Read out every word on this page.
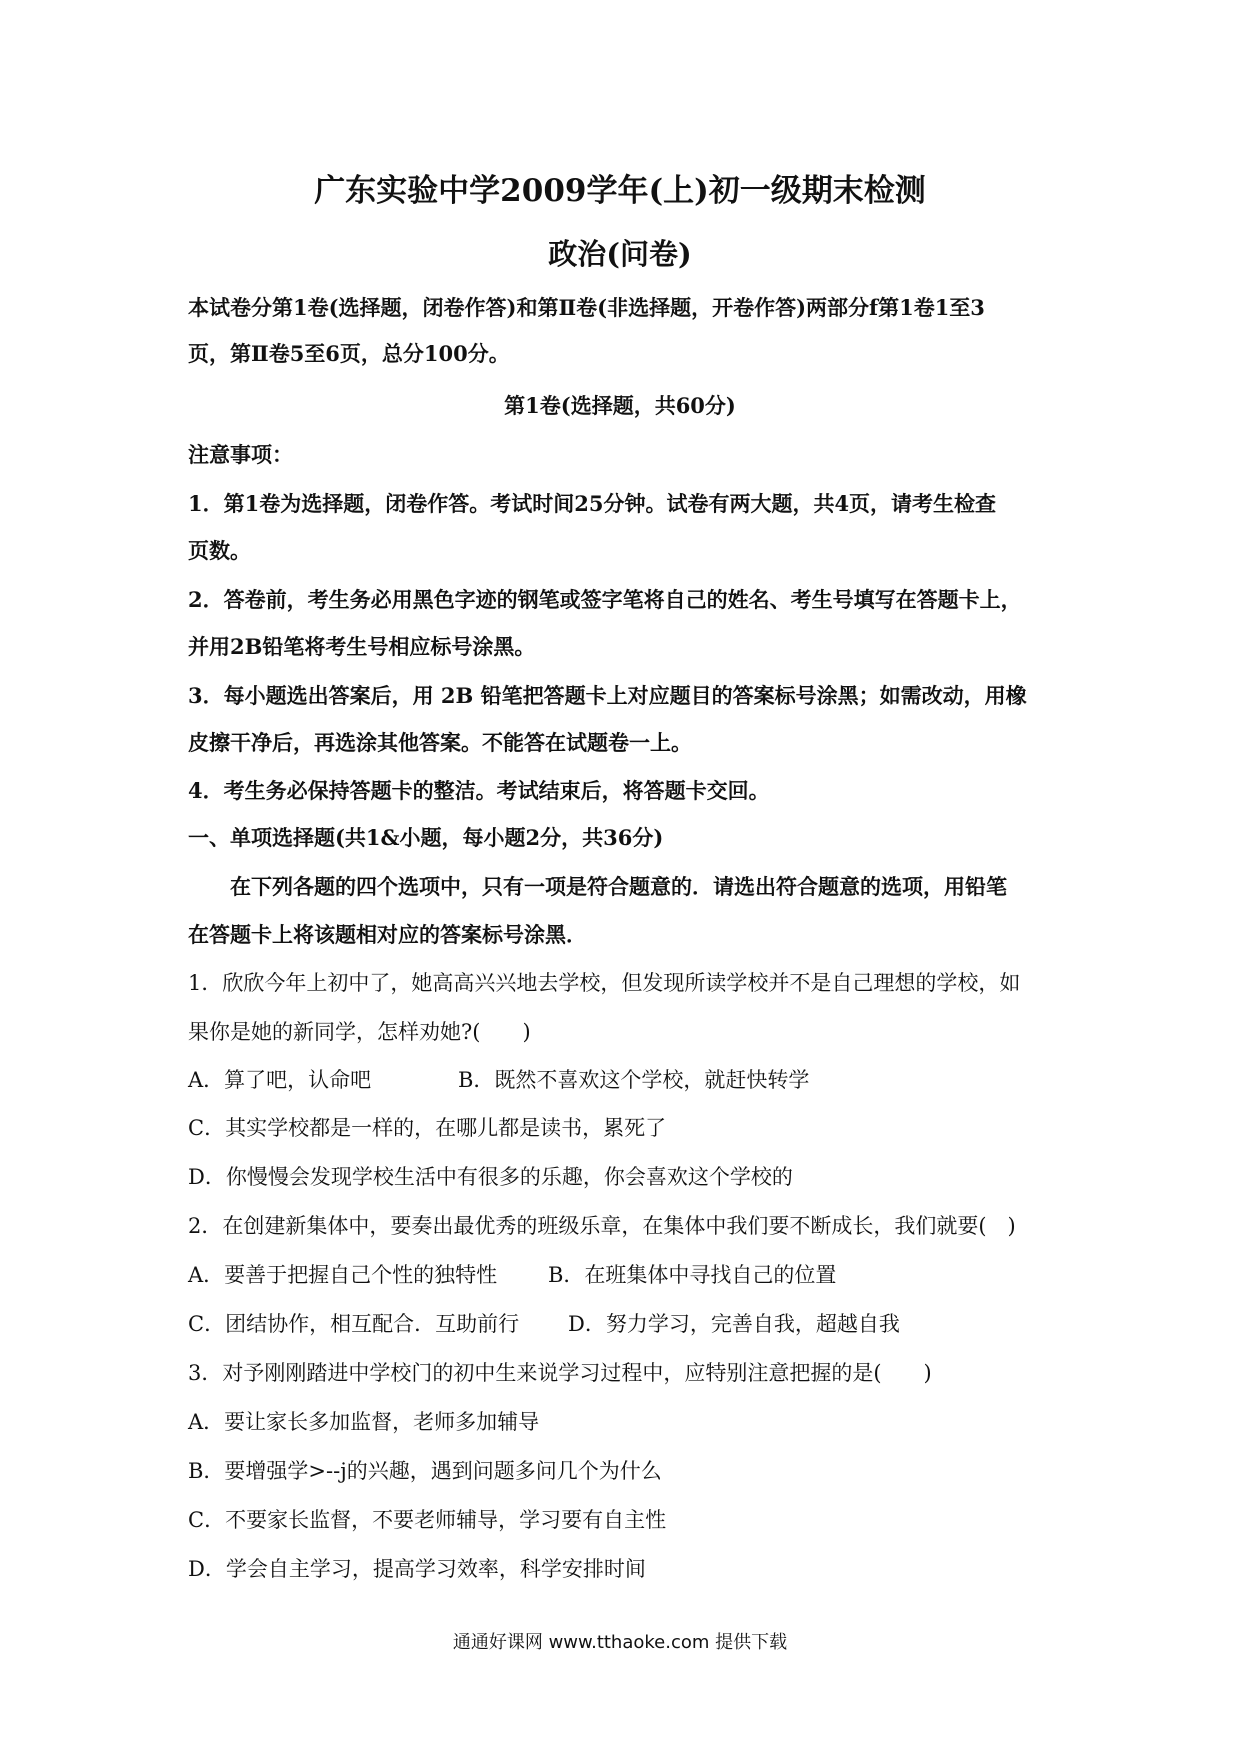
广东实验中学2009学年(上)初一级期末检测
政治(问卷)
本试卷分第1卷(选择题，闭卷作答)和第Ⅱ卷(非选择题，开卷作答)两部分f第1卷1至3
页，第Ⅱ卷5至6页，总分100分。
第1卷(选择题，共60分)
注意事项：
1．第1卷为选择题，闭卷作答。考试时间25分钟。试卷有两大题，共4页，请考生检查
页数。
2．答卷前，考生务必用黑色字迹的钢笔或签字笔将自己的姓名、考生号填写在答题卡上，
并用2B铅笔将考生号相应标号涂黑。
3．每小题选出答案后，用 2B 铅笔把答题卡上对应题目的答案标号涂黑；如需改动，用橡
皮擦干净后，再选涂其他答案。不能答在试题卷一上。
4．考生务必保持答题卡的整洁。考试结束后，将答题卡交回。
一、单项选择题(共1&小题，每小题2分，共36分)
在下列各题的四个选项中，只有一项是符合题意的．请选出符合题意的选项，用铅笔
在答题卡上将该题相对应的答案标号涂黑．
1．欣欣今年上初中了，她高高兴兴地去学校，但发现所读学校并不是自己理想的学校，如
果你是她的新同学，怎样劝她?(　　)
A．算了吧，认命吧	B．既然不喜欢这个学校，就赶快转学
C．其实学校都是一样的，在哪儿都是读书，累死了
D．你慢慢会发现学校生活中有很多的乐趣，你会喜欢这个学校的
2．在创建新集体中，要奏出最优秀的班级乐章，在集体中我们要不断成长，我们就要(　)
A．要善于把握自己个性的独特性 B．在班集体中寻找自己的位置
C．团结协作，相互配合．互助前行 D．努力学习，完善自我，超越自我
3．对予刚刚踏进中学校门的初中生来说学习过程中，应特别注意把握的是(　　)
A．要让家长多加监督，老师多加辅导
B．要增强学>--j的兴趣，遇到问题多问几个为什么
C．不要家长监督，不要老师辅导，学习要有自主性
D．学会自主学习，提高学习效率，科学安排时间
通通好课网 www.tthaoke.com 提供下载
